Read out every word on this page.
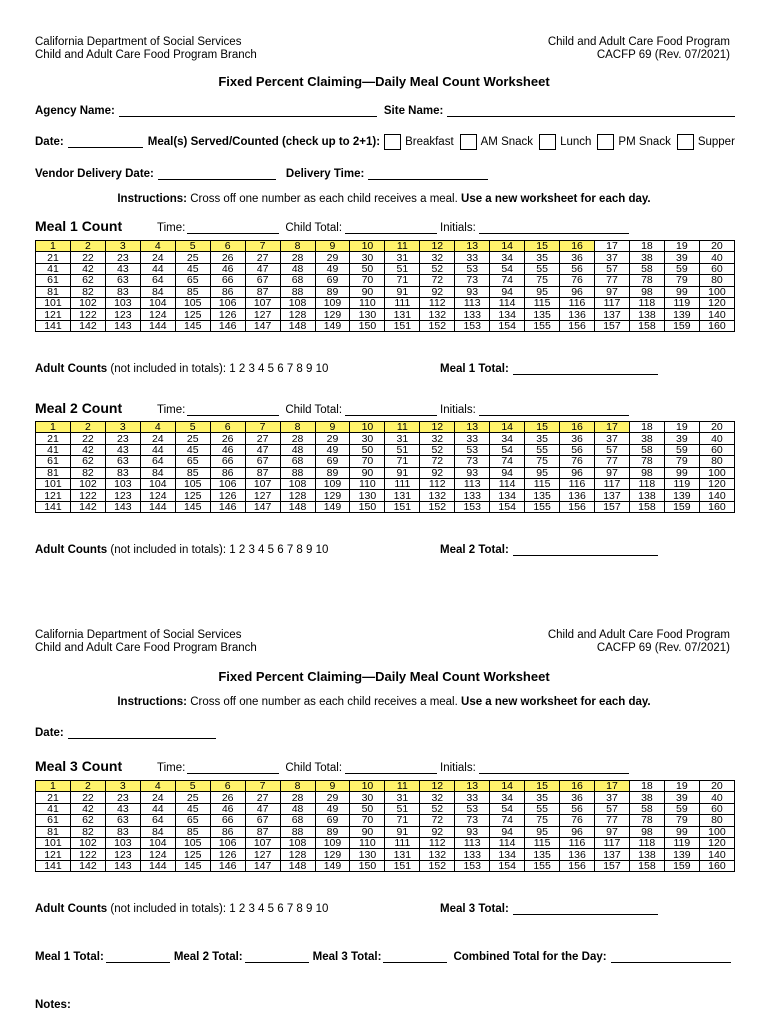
California Department of Social Services
Child and Adult Care Food Program Branch
Child and Adult Care Food Program
CACFP 69 (Rev. 07/2021)
Fixed Percent Claiming—Daily Meal Count Worksheet
Agency Name:	Site Name:
Date:	Meal(s) Served/Counted (check up to 2+1): Breakfast AM Snack Lunch PM Snack Supper
Vendor Delivery Date:	Delivery Time:
Instructions: Cross off one number as each child receives a meal. Use a new worksheet for each day.
Meal 1 Count	Time:	Child Total:	Initials:
1	2	3	4	5	6	7	8	9	10	11	12	13	14	15	16	17	18	19	20
21	22	23	24	25	26	27	28	29	30	31	32	33	34	35	36	37	38	39	40
41	42	43	44	45	46	47	48	49	50	51	52	53	54	55	56	57	58	59	60
61	62	63	64	65	66	67	68	69	70	71	72	73	74	75	76	77	78	79	80
81	82	83	84	85	86	87	88	89	90	91	92	93	94	95	96	97	98	99	100
101	102	103	104	105	106	107	108	109	110	111	112	113	114	115	116	117	118	119	120
121	122	123	124	125	126	127	128	129	130	131	132	133	134	135	136	137	138	139	140
141	142	143	144	145	146	147	148	149	150	151	152	153	154	155	156	157	158	159	160
Adult Counts (not included in totals): 1 2 3 4 5 6 7 8 9 10	Meal 1 Total:
Meal 2 Count	Time:	Child Total:	Initials:
1	2	3	4	5	6	7	8	9	10	11	12	13	14	15	16	17	18	19	20
21	22	23	24	25	26	27	28	29	30	31	32	33	34	35	36	37	38	39	40
41	42	43	44	45	46	47	48	49	50	51	52	53	54	55	56	57	58	59	60
61	62	63	64	65	66	67	68	69	70	71	72	73	74	75	76	77	78	79	80
81	82	83	84	85	86	87	88	89	90	91	92	93	94	95	96	97	98	99	100
101	102	103	104	105	106	107	108	109	110	111	112	113	114	115	116	117	118	119	120
121	122	123	124	125	126	127	128	129	130	131	132	133	134	135	136	137	138	139	140
141	142	143	144	145	146	147	148	149	150	151	152	153	154	155	156	157	158	159	160
Adult Counts (not included in totals): 1 2 3 4 5 6 7 8 9 10	Meal 2 Total:
California Department of Social Services
Child and Adult Care Food Program Branch
Child and Adult Care Food Program
CACFP 69 (Rev. 07/2021)
Fixed Percent Claiming—Daily Meal Count Worksheet
Instructions: Cross off one number as each child receives a meal. Use a new worksheet for each day.
Date:
Meal 3 Count	Time:	Child Total:	Initials:
1	2	3	4	5	6	7	8	9	10	11	12	13	14	15	16	17	18	19	20
21	22	23	24	25	26	27	28	29	30	31	32	33	34	35	36	37	38	39	40
41	42	43	44	45	46	47	48	49	50	51	52	53	54	55	56	57	58	59	60
61	62	63	64	65	66	67	68	69	70	71	72	73	74	75	76	77	78	79	80
81	82	83	84	85	86	87	88	89	90	91	92	93	94	95	96	97	98	99	100
101	102	103	104	105	106	107	108	109	110	111	112	113	114	115	116	117	118	119	120
121	122	123	124	125	126	127	128	129	130	131	132	133	134	135	136	137	138	139	140
141	142	143	144	145	146	147	148	149	150	151	152	153	154	155	156	157	158	159	160
Adult Counts (not included in totals): 1 2 3 4 5 6 7 8 9 10	Meal 3 Total:
Meal 1 Total:	Meal 2 Total:	Meal 3 Total:	Combined Total for the Day:
Notes:
